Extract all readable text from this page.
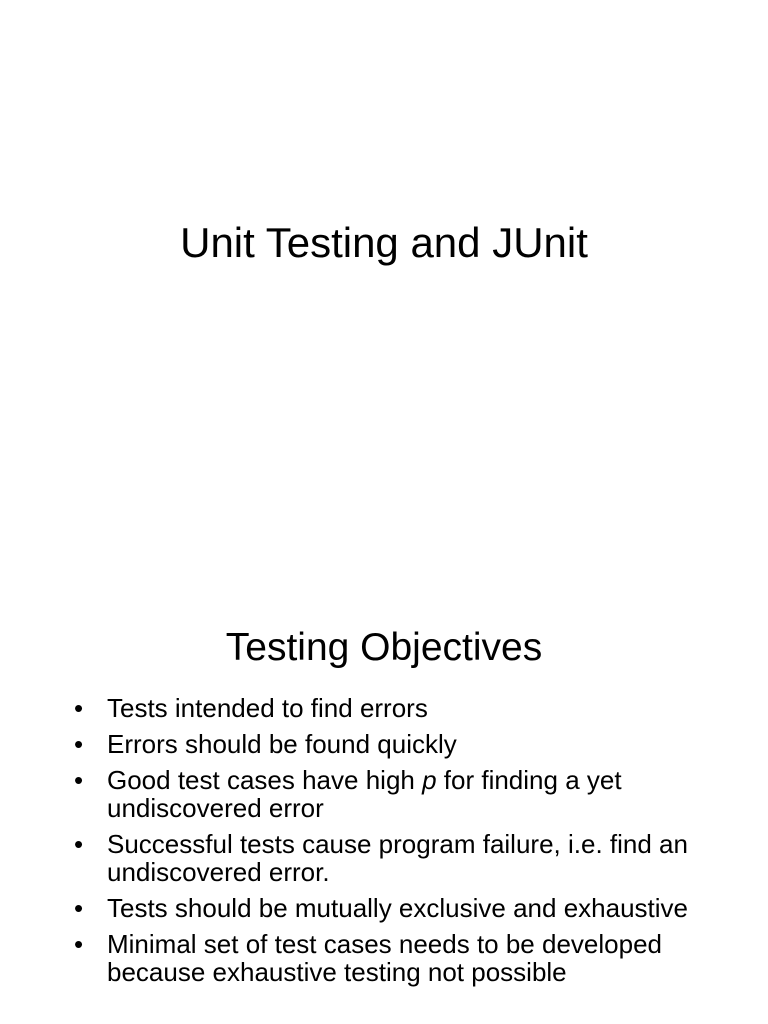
Unit Testing and JUnit
Testing Objectives
• Tests intended to find errors
• Errors should be found quickly
• Good test cases have high p for finding a yet undiscovered error
• Successful tests cause program failure, i.e. find an undiscovered error.
• Tests should be mutually exclusive and exhaustive
• Minimal set of test cases needs to be developed because exhaustive testing not possible
